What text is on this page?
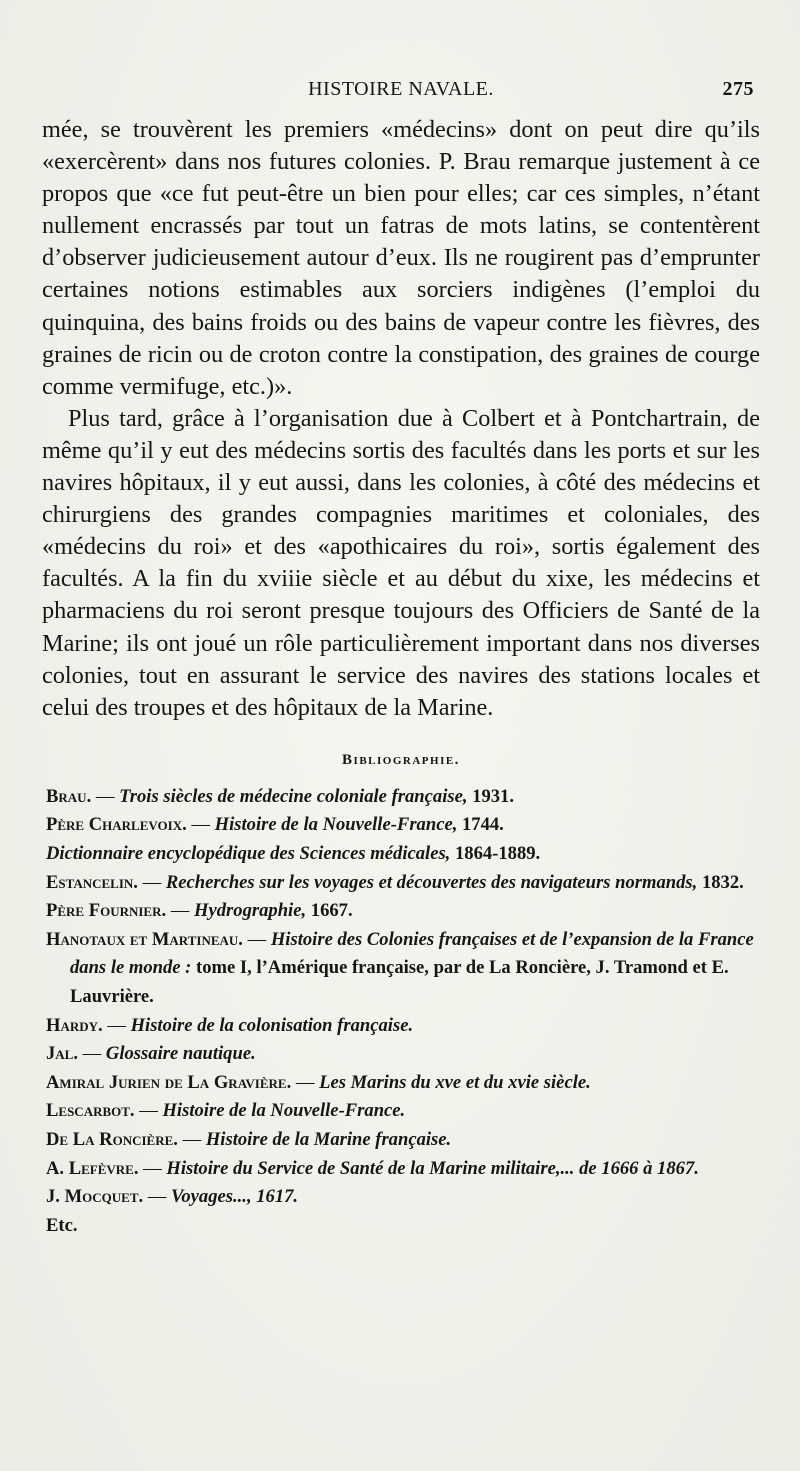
HISTOIRE NAVALE.	275

mée, se trouvèrent les premiers «médecins» dont on peut dire qu’ils «exercèrent» dans nos futures colonies. P. Brau remarque justement à ce propos que «ce fut peut-être un bien pour elles; car ces simples, n’étant nullement encrassés par tout un fatras de mots latins, se contentèrent d’observer judicieusement autour d’eux. Ils ne rougirent pas d’emprunter certaines notions estimables aux sorciers indigènes (l’emploi du quinquina, des bains froids ou des bains de vapeur contre les fièvres, des graines de ricin ou de croton contre la constipation, des graines de courge comme vermifuge, etc.)».

Plus tard, grâce à l’organisation due à Colbert et à Pontchartrain, de même qu’il y eut des médecins sortis des facultés dans les ports et sur les navires hôpitaux, il y eut aussi, dans les colonies, à côté des médecins et chirurgiens des grandes compagnies maritimes et coloniales, des «médecins du roi» et des «apothicaires du roi», sortis également des facultés. A la fin du xviiie siècle et au début du xixe, les médecins et pharmaciens du roi seront presque toujours des Officiers de Santé de la Marine; ils ont joué un rôle particulièrement important dans nos diverses colonies, tout en assurant le service des navires des stations locales et celui des troupes et des hôpitaux de la Marine.

Bibliographie.
Brau. — Trois siècles de médecine coloniale française, 1931.
Père Charlevoix. — Histoire de la Nouvelle-France, 1744.
Dictionnaire encyclopédique des Sciences médicales, 1864-1889.
Estancelin. — Recherches sur les voyages et découvertes des navigateurs normands, 1832.
Père Fournier. — Hydrographie, 1667.
Hanotaux et Martineau. — Histoire des Colonies françaises et de l’expansion de la France dans le monde : tome I, l’Amérique française, par de La Roncière, J. Tramond et E. Lauvrière.
Hardy. — Histoire de la colonisation française.
Jal. — Glossaire nautique.
Amiral Jurien de La Gravière. — Les Marins du xve et du xvie siècle.
Lescarbot. — Histoire de la Nouvelle-France.
De La Roncière. — Histoire de la Marine française.
A. Lefèvre. — Histoire du Service de Santé de la Marine militaire,... de 1666 à 1867.
J. Mocquet. — Voyages..., 1617.
Etc.
